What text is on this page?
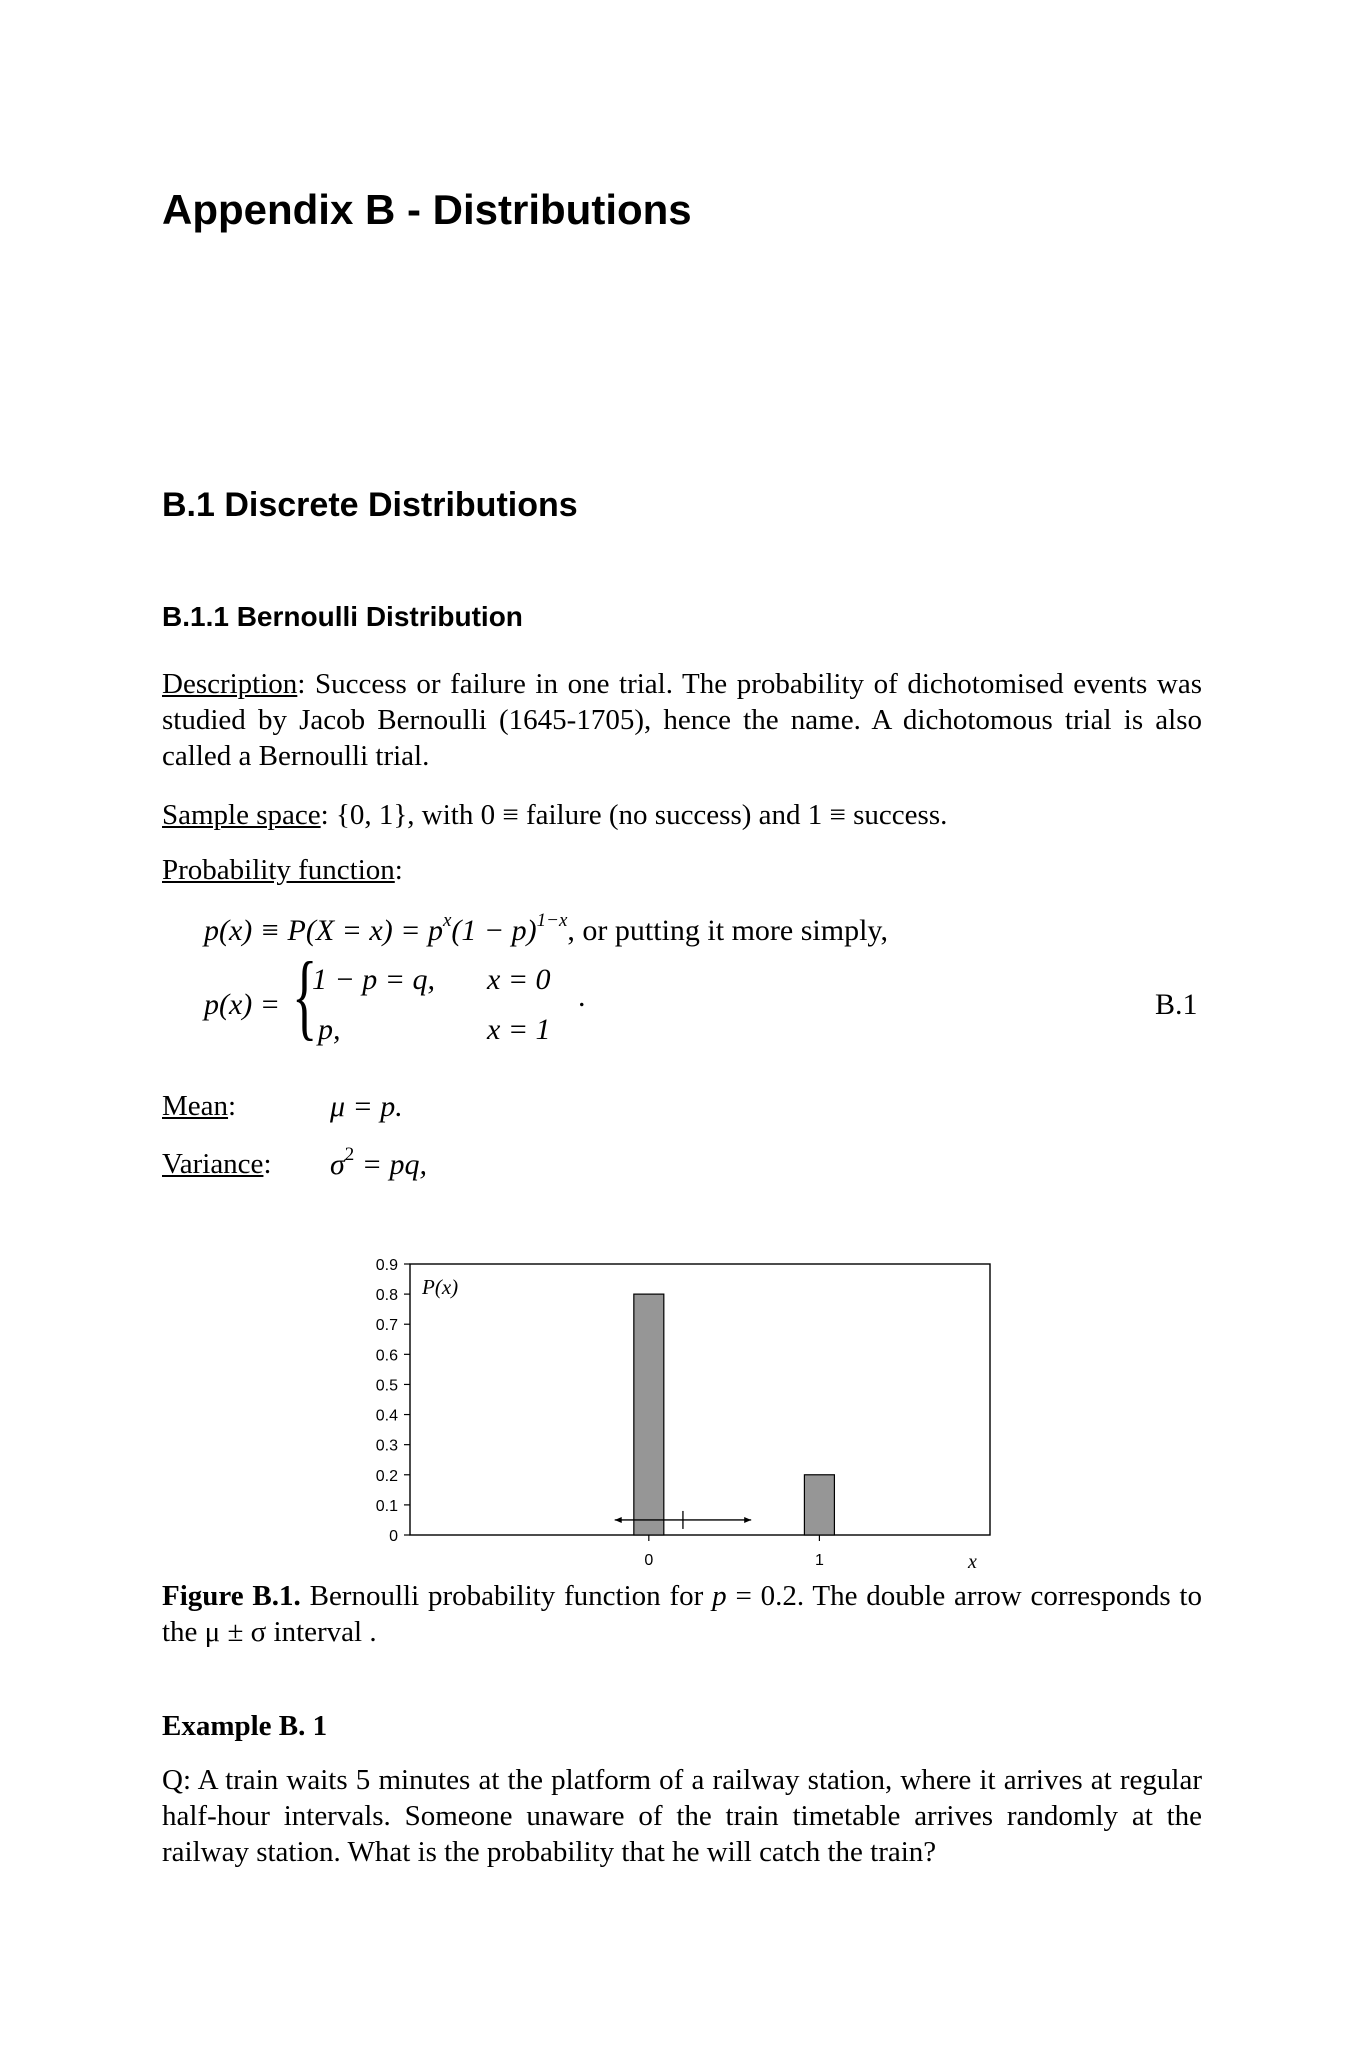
Appendix B - Distributions
B.1 Discrete Distributions
B.1.1 Bernoulli Distribution
Description: Success or failure in one trial. The probability of dichotomised events was studied by Jacob Bernoulli (1645-1705), hence the name. A dichotomous trial is also called a Bernoulli trial.
Sample space: {0, 1}, with 0 ≡ failure (no success) and 1 ≡ success.
Probability function:
$p(x) \equiv P(X = x) = p^x(1 - p)^{1-x}$, or putting it more simply,
p(x) = {
1 − p = q, x = 0
p,	x = 1
.	B.1
Mean:	μ = p.
Variance: $\sigma^2$ = pq,
0
0.1
0.2
0.3
0.4
0.5
0.6
0.7
0.8
0.9
0	1
P(x)
x
Figure B.1. Bernoulli probability function for p = 0.2. The double arrow corresponds to the μ ± σ interval .
Example B. 1
Q: A train waits 5 minutes at the platform of a railway station, where it arrives at regular half-hour intervals. Someone unaware of the train timetable arrives randomly at the railway station. What is the probability that he will catch the train?
